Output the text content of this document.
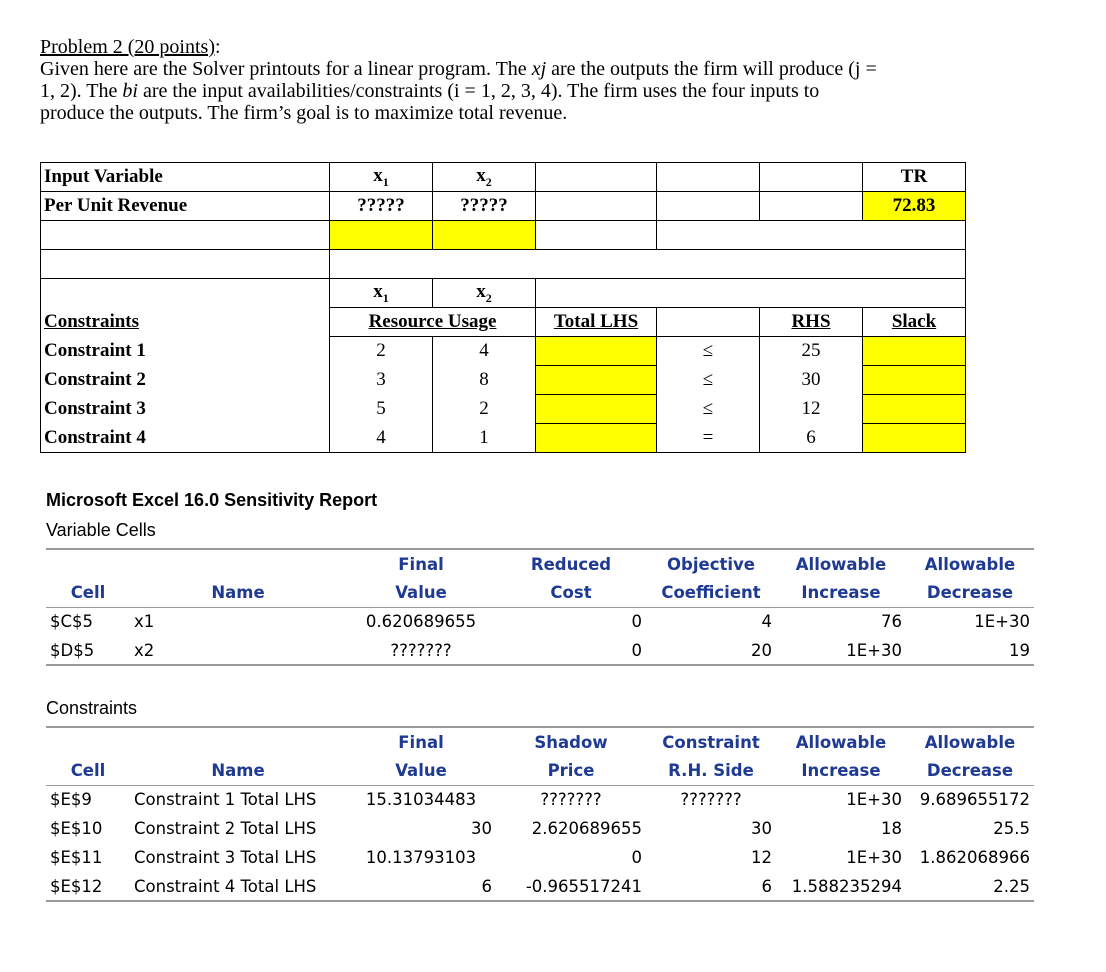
Problem 2 (20 points):
Given here are the Solver printouts for a linear program. The xj are the outputs the firm will produce (j =
1, 2). The bi are the input availabilities/constraints (i = 1, 2, 3, 4). The firm uses the four inputs to
produce the outputs. The firm’s goal is to maximize total revenue.
Input Variable	$x_1$	$x_2$				TR
Per Unit Revenue	?????	?????				72.83

	$x_1$	$x_2$				
Constraints	Resource Usage		Total LHS		RHS	Slack
Constraint 1	2	4		≤	25	
Constraint 2	3	8		≤	30	
Constraint 3	5	2		≤	12	
Constraint 4	4	1		=	6	
Microsoft Excel 16.0 Sensitivity Report
Variable Cells
		Final	Reduced	Objective	Allowable	Allowable
Cell	Name	Value	Cost	Coefficient	Increase	Decrease
$C$5	x1	0.620689655	0	4	76	1E+30
$D$5	x2	???????	0	20	1E+30	19
Constraints
		Final	Shadow	Constraint	Allowable	Allowable
Cell	Name	Value	Price	R.H. Side	Increase	Decrease
$E$9	Constraint 1 Total LHS	15.31034483	???????	???????	1E+30	9.689655172
$E$10	Constraint 2 Total LHS	30	2.620689655	30	18	25.5
$E$11	Constraint 3 Total LHS	10.13793103	0	12	1E+30	1.862068966
$E$12	Constraint 4 Total LHS	6	-0.965517241	6	1.588235294	2.25
